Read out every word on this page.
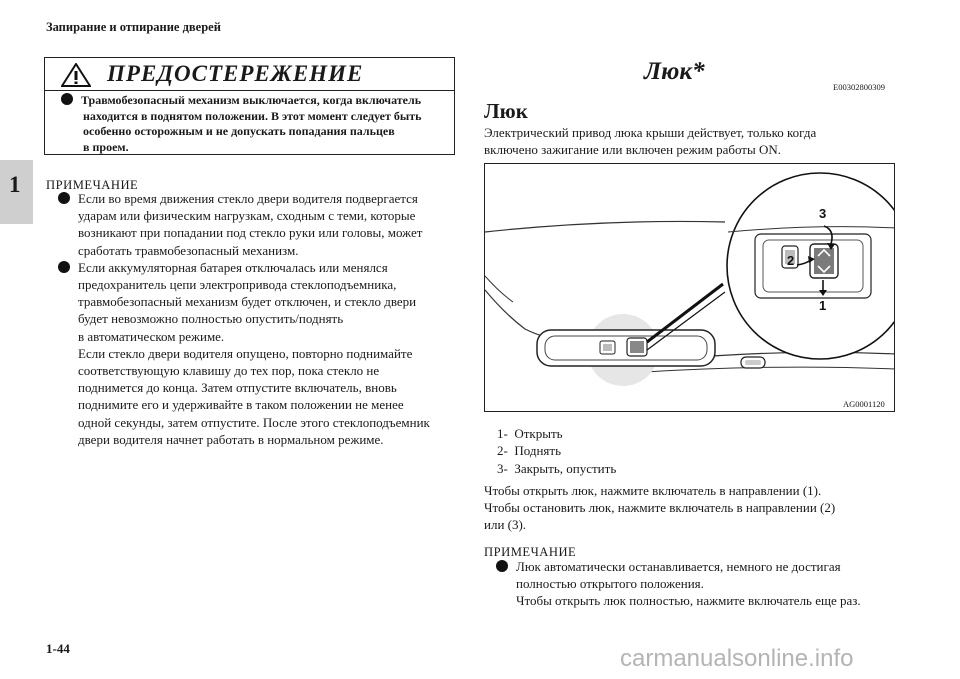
Запирание и отпирание дверей
1
ПРЕДОСТЕРЕЖЕНИЕ
Травмобезопасный механизм выключается, когда включатель
находится в поднятом положении. В этот момент следует быть
особенно осторожным и не допускать попадания пальцев
в проем.
ПРИМЕЧАНИЕ
Если во время движения стекло двери водителя подвергается
ударам или физическим нагрузкам, сходным с теми, которые
возникают при попадании под стекло руки или головы, может
сработать травмобезопасный механизм.
Если аккумуляторная батарея отключалась или менялся
предохранитель цепи электропривода стеклоподъемника,
травмобезопасный механизм будет отключен, и стекло двери
будет невозможно полностью опустить/поднять
в автоматическом режиме.
Если стекло двери водителя опущено, повторно поднимайте
соответствующую клавишу до тех пор, пока стекло не
поднимется до конца. Затем отпустите включатель, вновь
поднимите его и удерживайте в таком положении не менее
одной секунды, затем отпустите. После этого стеклоподъемник
двери водителя начнет работать в нормальном режиме.
Люк*
E00302800309
Люк
Электрический привод люка крыши действует, только когда
включено зажигание или включен режим работы ON.
3
2
1
AG0001120
1-  Открыть
2-  Поднять
3-  Закрыть, опустить
Чтобы открыть люк, нажмите включатель в направлении (1).
Чтобы остановить люк, нажмите включатель в направлении (2)
или (3).
ПРИМЕЧАНИЕ
Люк автоматически останавливается, немного не достигая
полностью открытого положения.
Чтобы открыть люк полностью, нажмите включатель еще раз.
1-44	carmanualsonline.info
